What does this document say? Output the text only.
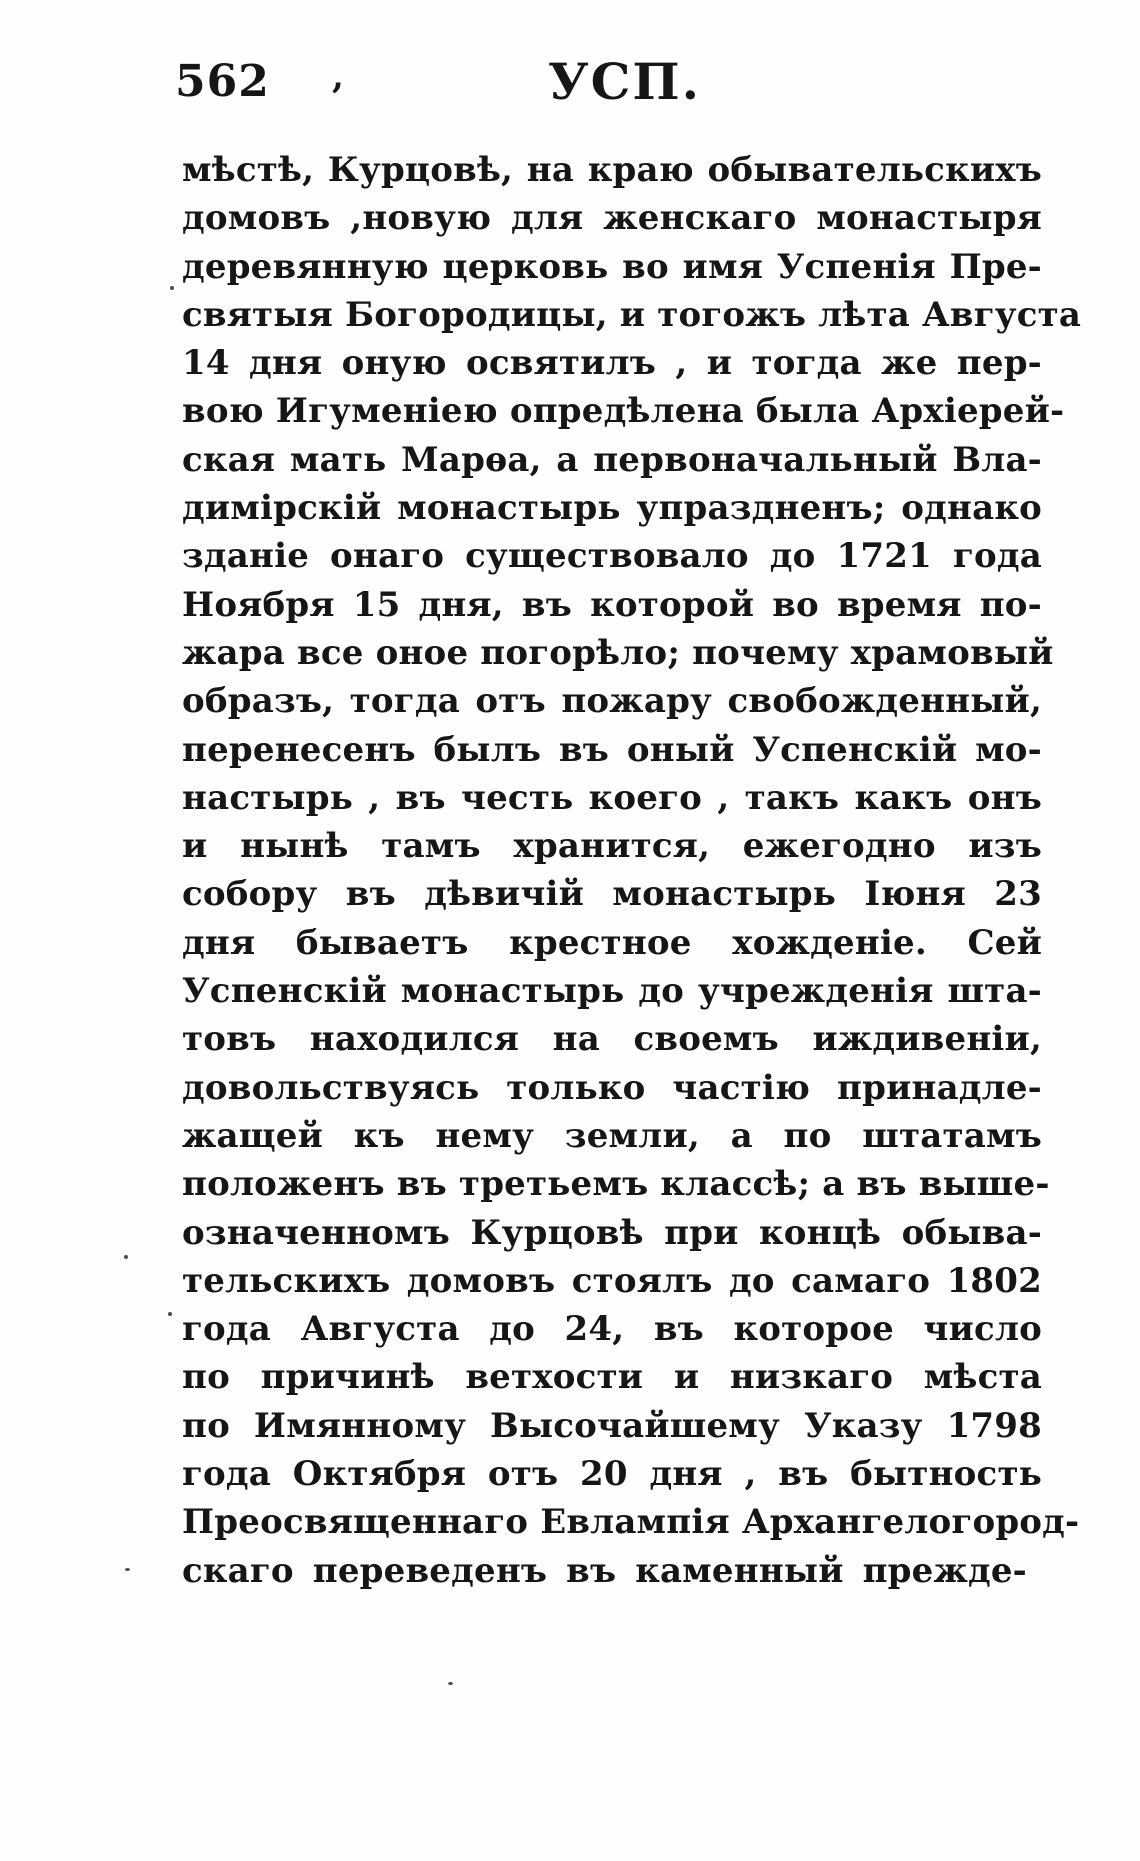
562 ,	УСП.
мѣстѣ, Курцовѣ, на краю обывательскихъ
домовъ ,новую для женскаго монастыря
деревянную церковь во имя Успенія Пре-
святыя Богородицы, и тогожъ лѣта Августа
14 дня оную освятилъ , и тогда же пер-
вою Игуменіею опредѣлена была Архіерей-
ская мать Марѳа, а первоначальный Вла-
димірскій монастырь упразднeнъ; однако
зданіе онаго существовало до 1721 года
Ноября 15 дня, въ которой во время по-
жара все оное погорѣло; почему храмовый
образъ, тогда отъ пожару свобожденный,
перенесенъ былъ въ оный Успенскій мо-
настырь , въ честь коего , такъ какъ онъ
и нынѣ тамъ хранится, ежегодно изъ
собору въ дѣвичій монастырь Іюня 23
дня бываетъ крестное хожденіе. Сей
Успенскій монастырь до учрежденія шта-
товъ находился на своемъ иждивеніи,
довольствуясь только частію принадле-
жащей къ нему земли, а по штатамъ
положенъ въ третьемъ классѣ; а въ выше-
означенномъ Курцовѣ при концѣ обыва-
тельскихъ домовъ стоялъ до самаго 1802
года Августа до 24, въ которое число
по причинѣ ветхости и низкаго мѣста
по Имянному Высочайшему Указу 1798
года Октября отъ 20 дня , въ бытность
Преосвященнаго Евлампія Архангелогород-
скаго переведенъ въ каменный прежде-
